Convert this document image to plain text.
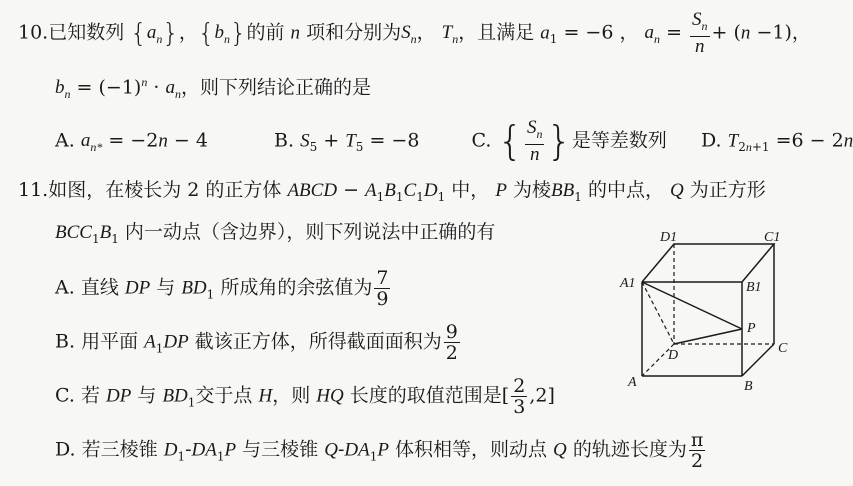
10.已知数列 $\{a_n\}$，$\{b_n\}$的前 n 项和分别为$S_n$， $T_n$，且满足 $a_1 = -6$ ， $a_n = \frac{S_n}{n} + (n -1)$，
$b_n = (-1)^n \cdot a_n$，则下列结论正确的是
A. $a_{n*} = -2n - 4$	B. $S_5 + T_5 = -8$  C. { $\frac{S_n}{n}$ }是等差数列 D. $T_{2n+1} =6 - 2n$
11.如图，在棱长为 2 的正方体 ABCD − $A_1B_1C_1D_1$ 中， P 为棱$BB_1$ 的中点， Q 为正方形
$BCC_1B_1$ 内一动点（含边界），则下列说法中正确的有
A. 直线 DP 与 $BD_1$ 所成角的余弦值为 $\frac{7}{9}$
B. 用平面 $A_1DP$ 截该正方体，所得截面面积为 $\frac{9}{2}$
C. 若 DP 与 $BD_1$交于点 H，则 HQ 长度的取值范围是[ $\frac{2}{3} ,2$]
D. 若三棱锥 $D_1-DA_1P$ 与三棱锥 $Q-DA_1P$ 体积相等，则动点 Q 的轨迹长度为 $\frac{\pi}{2}$
D1	C1
A1	B1
P
D	C
A	B
